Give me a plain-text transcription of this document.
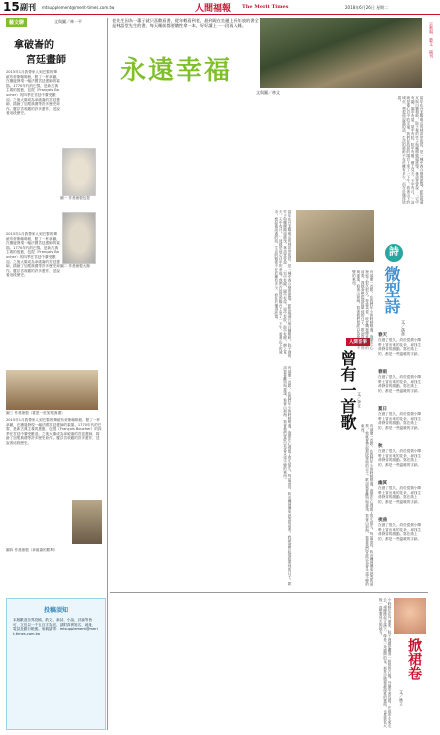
15 副刊 mtsupplement@merit-times.com.tw	人間福報 The Merit Times	2018年6月26日 星期二
宗教與
藝文
副刊
藝文聊	文與圖／林一平
拿破崙的
宮廷畫師
2015年1月我帶家人到巴黎的傳統布蒂斯咖啡館，點了一杯拿鐵，在牆邊發現一幅法國宮廷畫師的素描。1770年代的巴黎，是新古典主義的搖籃，包提（François Boucher）的四季在宮廷中廣受歡迎。之後大衛成為拿破崙的宮廷畫師，描繪了加冕典禮等許多歷史鉅作。羅浮宮收藏的許多畫作，述說著這段歷史。
圖一 作者繪製包提
圖二 作者繪製大衛
2015年1月我帶家人到巴黎的傳統布蒂斯咖啡館，點了一杯拿鐵，在牆邊發現一幅法國宮廷畫師的素描。1770年代的巴黎，是新古典主義的搖籃，包提（François Boucher）的四季在宮廷中廣受歡迎。之後大衛成為拿破崙的宮廷畫師，描繪了加冕典禮等許多歷史鉅作。羅浮宮收藏的許多畫作，述說著這段歷史。
圖三 作者繪製（霍恩一世加冕典禮）
2015年1月我帶家人到巴黎的傳統布蒂斯咖啡館，點了一杯拿鐵，在牆邊發現一幅法國宮廷畫師的素描。1770年代的巴黎，是新古典主義的搖籃，包提（François Boucher）的四季在宮廷中廣受歡迎。之後大衛成為拿破崙的宮廷畫師，描繪了加冕典禮等許多歷史鉅作。羅浮宮收藏的許多畫作，述說著這段歷史。
圖四 作者繪製（拿破崙的勝利）
投稿須知
本版歡迎各界投稿，散文、新詩、小說、評論等皆可，文長以一千五百字為宜，請附真實姓名、地址、電話及銀行帳號。來稿請寄：mtsupplement@merit-times.com.tw
老先生因為一蕭子就只喜歡看書，從年輕看到老，最到現在坐邊上長年放的書全是林語堂先生的書，每天睡前都要隨性拿一本，好好讀上一一段再入睡。
永遠幸福
文與圖／林文
當年在台北陽明山的林語堂故居，是一棟中西合璧的建築，藍色琉璃瓦與白牆相映，院子裡的竹子與楓樹隨風搖曳。林語堂曾說：「宅中有園，園中有屋，屋中有院，院中有樹，樹上見天，天中有月。」這就是他心目中的幸福。我們在故居的陽台上坐了一下午，看著山下的城市，想起他說過的話，生活的藝術不在於擁有多少，而在於懂得欣賞。
當年在台北陽明山的林語堂故居，是一棟中西合璧的建築，藍色琉璃瓦與白牆相映，院子裡的竹子與楓樹隨風搖曳。林語堂曾說：「宅中有園，園中有屋，屋中有院，院中有樹，樹上見天，天中有月。」這就是他心目中的幸福。我們在故居的陽台上坐了一下午，看著山下的城市，想起他說過的話，生活的藝術不在於擁有多少，而在於懂得欣賞。	詩
微型詩
文／落蒂
春天
在潑了很久，終於從微小陣勢上冒出來的花朵，尋找生命發芽的韻動。寫在紙上的，都是一些溫暖的字跡。
春雨
在潑了很久，終於從微小陣勢上冒出來的花朵，尋找生命發芽的韻動。寫在紙上的，都是一些溫暖的字跡。
夏日
在潑了很久，終於從微小陣勢上冒出來的花朵，尋找生命發芽的韻動。寫在紙上的，都是一些溫暖的字跡。
秋
在潑了很久，終於從微小陣勢上冒出來的花朵，尋找生命發芽的韻動。寫在紙上的，都是一些溫暖的字跡。
幽冥
在潑了很久，終於從微小陣勢上冒出來的花朵，尋找生命發芽的韻動。寫在紙上的，都是一些溫暖的字跡。
夜曲
在潑了很久，終於從微小陣勢上冒出來的花朵，尋找生命發芽的韻動。寫在紙上的，都是一些溫暖的字跡。
有那麼一首歌，在我們年少的時候唱過，旋律在心裡留了很久很久。每當黃昏，收音機裡傳來熟悉的前奏，我就會想起那段單純的日子。歌詞寫著離別與重逢，寫著山和海，寫著我們曾經以為會永遠不變的東西。
人間音樂
曾有一首歌 文／李又
有那麼一首歌，在我們年少的時候唱過，旋律在心裡留了很久很久。每當黃昏，收音機裡傳來熟悉的前奏，我就會想起那段單純的日子。歌詞寫著離別與重逢，寫著山和海，寫著我們曾經以為會永遠不變的東西。
有那麼一首歌，在我們年少的時候唱過，旋律在心裡留了很久很久。每當黃昏，收音機裡傳來熟悉的前奏，我就會想起那段單純的日子。歌詞寫著離別與重逢，寫著山和海，寫著我們曾經以為會永遠不變的東西。
小時候住在外婆家，院子裡總是曬著一排排的衣服。外婆穿著長裙，在風中走來走去，裙擺掀起又落下，像是一朵盛開的花。那是記憶裡最溫柔的畫面，也是我長大後一直想要回去的地方。
掀裙卷
文／林立
